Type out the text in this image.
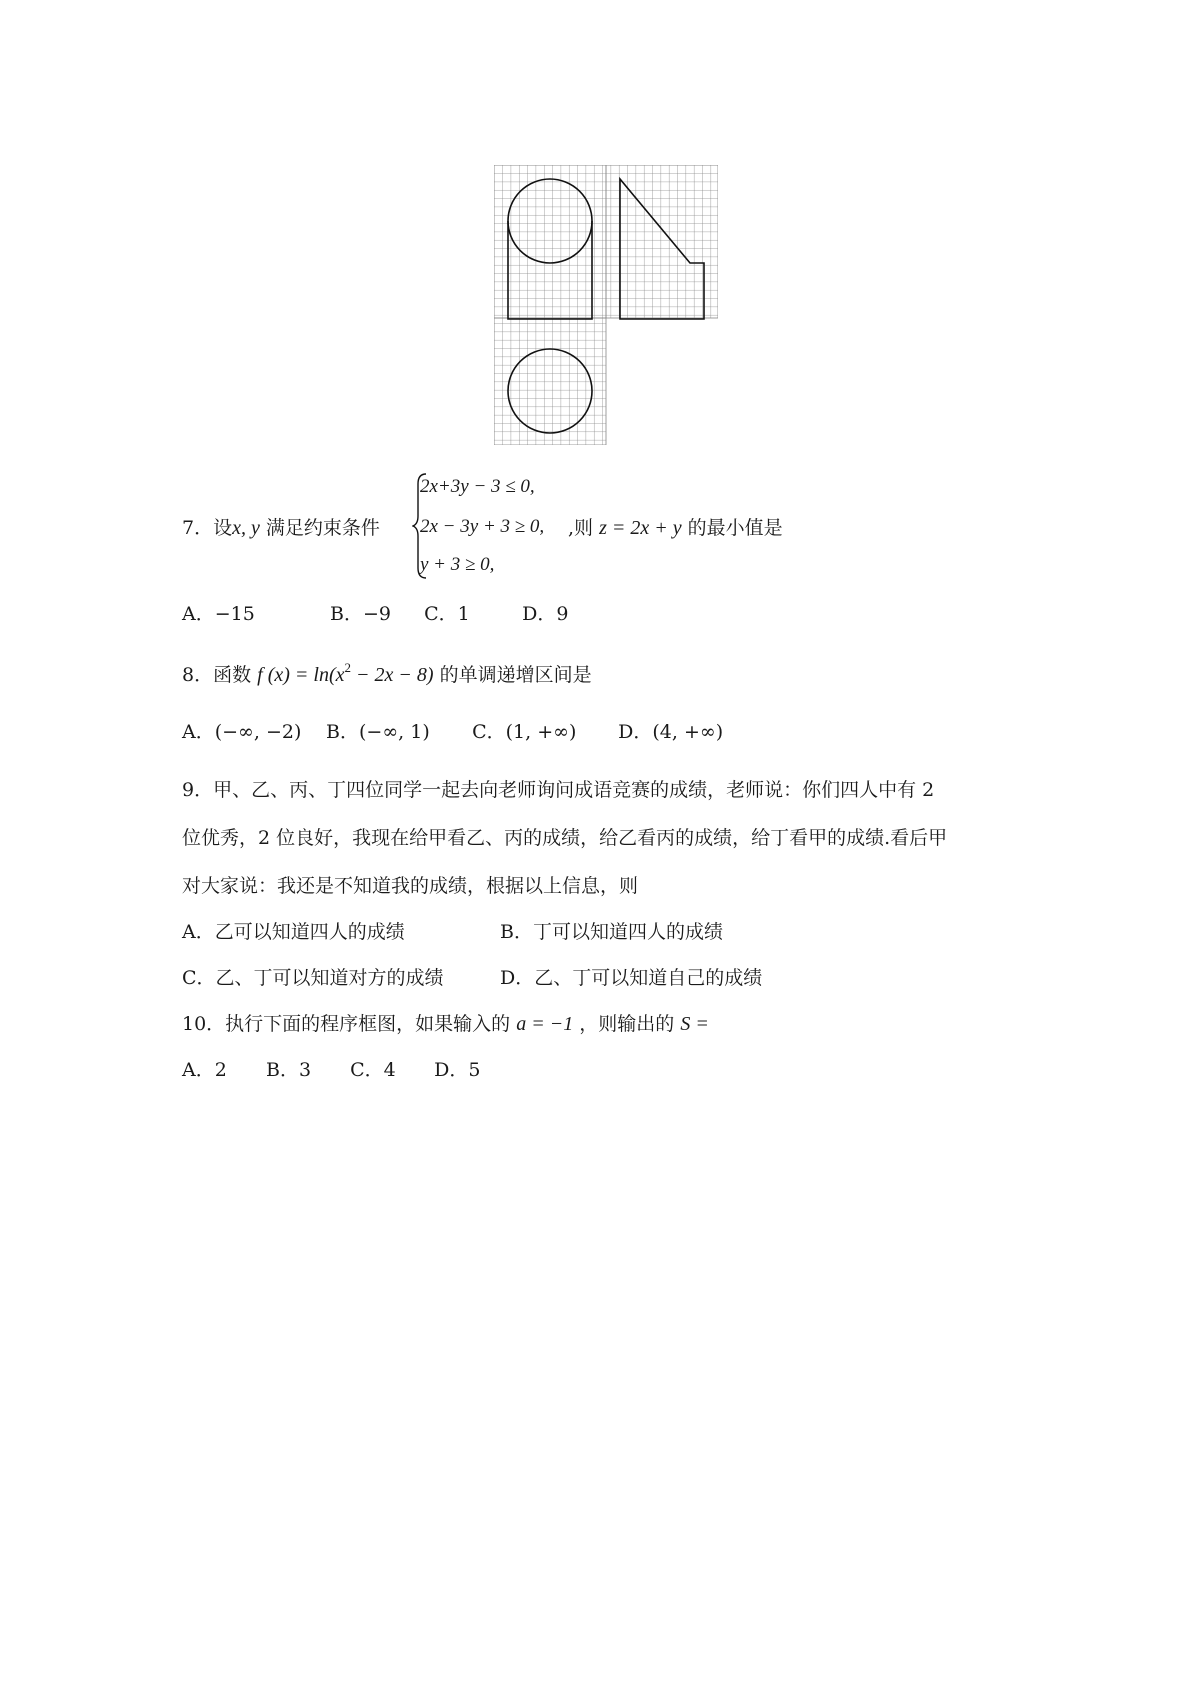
7．设x, y 满足约束条件
2x+3y − 3 ≤ 0,
2x − 3y + 3 ≥ 0,
y + 3 ≥ 0,
,则 z = 2x + y 的最小值是
A．−15	B．−9 C．1	D．9
8．函数 f $(x) = \ln(x^2 - 2x - 8)$ 的单调递增区间是
A．(−∞, −2) B．(−∞, 1) C．(1, +∞) D．(4, +∞)
9．甲、乙、丙、丁四位同学一起去向老师询问成语竞赛的成绩，老师说：你们四人中有 2
位优秀，2 位良好，我现在给甲看乙、丙的成绩，给乙看丙的成绩，给丁看甲的成绩.看后甲
对大家说：我还是不知道我的成绩，根据以上信息，则
A．乙可以知道四人的成绩	B．丁可以知道四人的成绩
C．乙、丁可以知道对方的成绩	D．乙、丁可以知道自己的成绩
10．执行下面的程序框图，如果输入的 a = −1 ，则输出的 S =
A．2 B．3 C．4 D．5
